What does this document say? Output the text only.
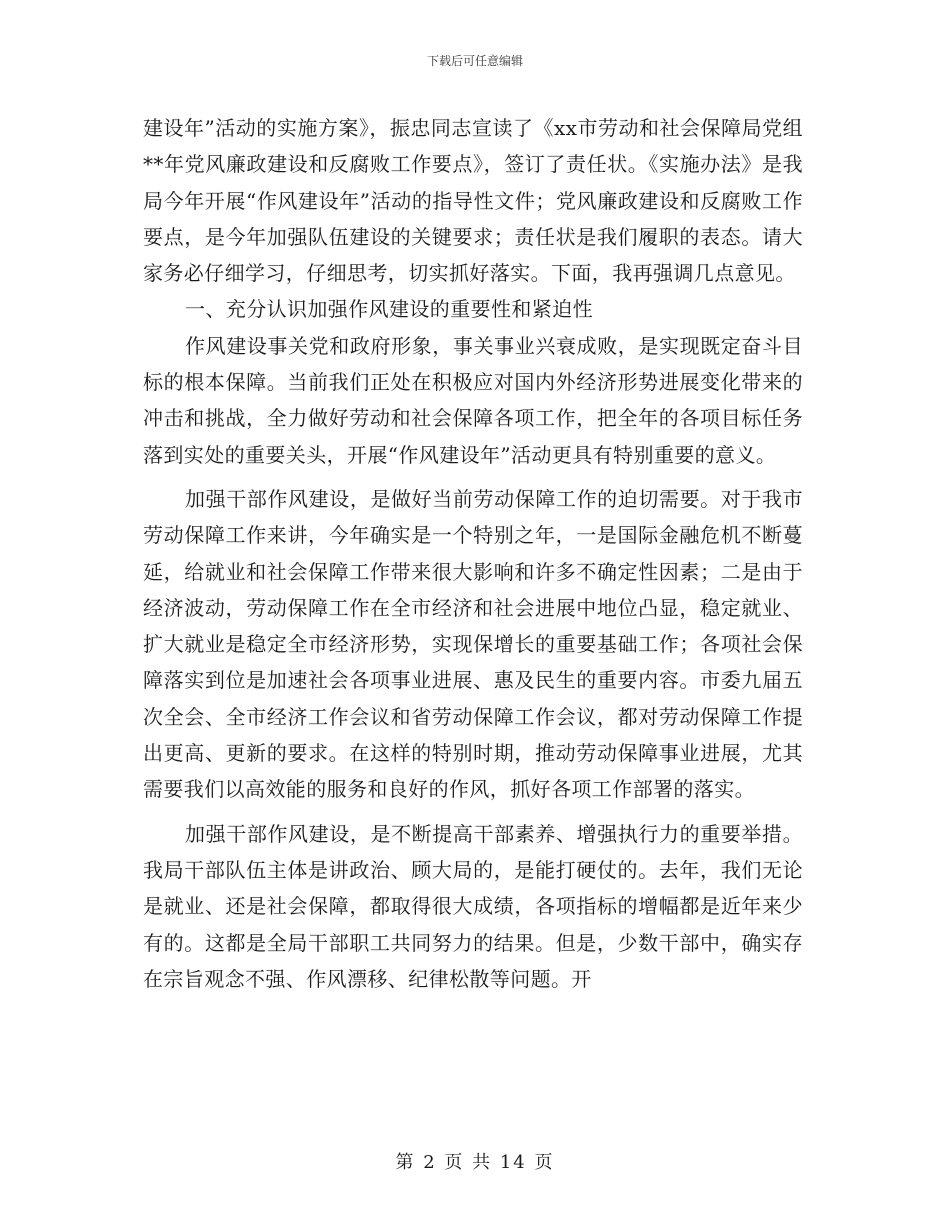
下载后可任意编辑

建设年”活动的实施方案》，振忠同志宣读了《xx市劳动和社会保障局党组**年党风廉政建设和反腐败工作要点》，签订了责任状。《实施办法》是我局今年开展“作风建设年”活动的指导性文件；党风廉政建设和反腐败工作要点，是今年加强队伍建设的关键要求；责任状是我们履职的表态。请大家务必仔细学习，仔细思考，切实抓好落实。下面，我再强调几点意见。

一、充分认识加强作风建设的重要性和紧迫性

作风建设事关党和政府形象，事关事业兴衰成败，是实现既定奋斗目标的根本保障。当前我们正处在积极应对国内外经济形势进展变化带来的冲击和挑战，全力做好劳动和社会保障各项工作，把全年的各项目标任务落到实处的重要关头，开展“作风建设年”活动更具有特别重要的意义。

加强干部作风建设，是做好当前劳动保障工作的迫切需要。对于我市劳动保障工作来讲，今年确实是一个特别之年，一是国际金融危机不断蔓延，给就业和社会保障工作带来很大影响和许多不确定性因素；二是由于经济波动，劳动保障工作在全市经济和社会进展中地位凸显，稳定就业、扩大就业是稳定全市经济形势，实现保增长的重要基础工作；各项社会保障落实到位是加速社会各项事业进展、惠及民生的重要内容。市委九届五次全会、全市经济工作会议和省劳动保障工作会议，都对劳动保障工作提出更高、更新的要求。在这样的特别时期，推动劳动保障事业进展，尤其需要我们以高效能的服务和良好的作风，抓好各项工作部署的落实。

加强干部作风建设，是不断提高干部素养、增强执行力的重要举措。我局干部队伍主体是讲政治、顾大局的，是能打硬仗的。去年，我们无论是就业、还是社会保障，都取得很大成绩，各项指标的增幅都是近年来少有的。这都是全局干部职工共同努力的结果。但是，少数干部中，确实存在宗旨观念不强、作风漂移、纪律松散等问题。开

第 2 页 共 14 页
